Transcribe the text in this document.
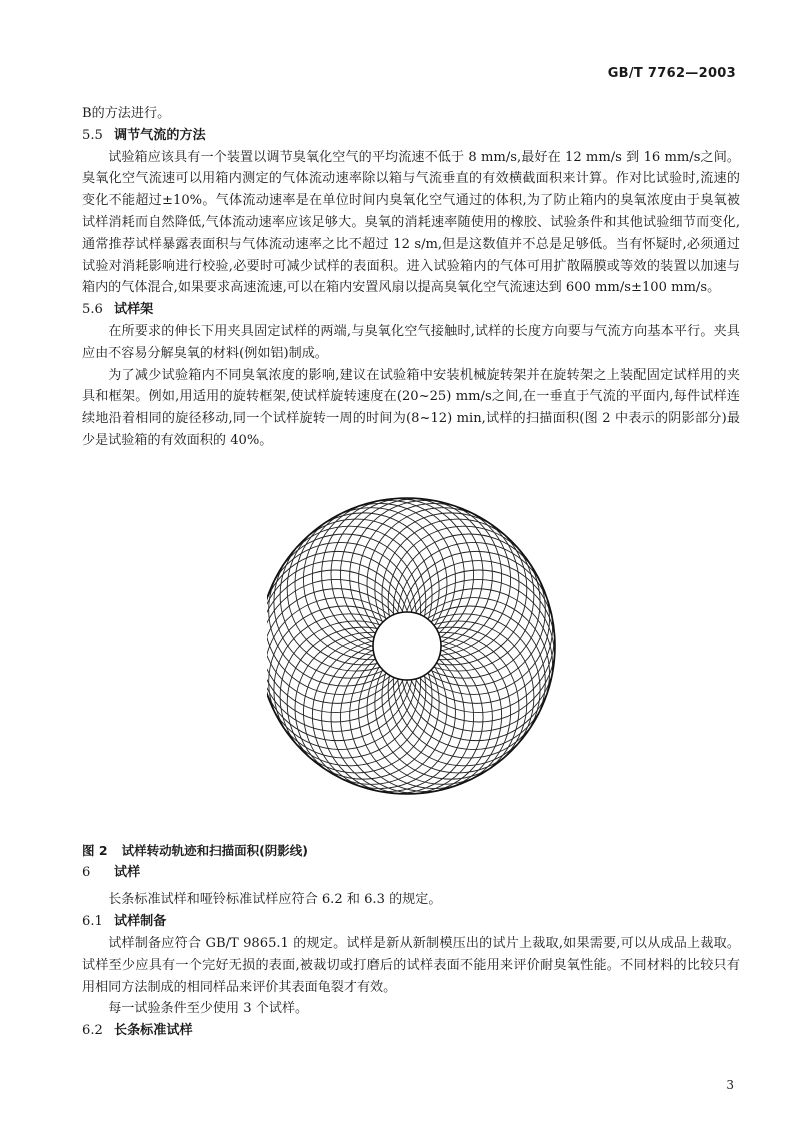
GB/T 7762—2003

B的方法进行。

5.5 调节气流的方法

试验箱应该具有一个装置以调节臭氧化空气的平均流速不低于 8 mm/s,最好在 12 mm/s 到 16 mm/s之间。臭氧化空气流速可以用箱内测定的气体流动速率除以箱与气流垂直的有效横截面积来计算。作对比试验时,流速的变化不能超过±10%。气体流动速率是在单位时间内臭氧化空气通过的体积,为了防止箱内的臭氧浓度由于臭氧被试样消耗而自然降低,气体流动速率应该足够大。臭氧的消耗速率随使用的橡胶、试验条件和其他试验细节而变化,通常推荐试样暴露表面积与气体流动速率之比不超过 12 s/m,但是这数值并不总是足够低。当有怀疑时,必须通过试验对消耗影响进行校验,必要时可减少试样的表面积。进入试验箱内的气体可用扩散隔膜或等效的装置以加速与箱内的气体混合,如果要求高速流速,可以在箱内安置风扇以提高臭氧化空气流速达到 600 mm/s±100 mm/s。

5.6 试样架

在所要求的伸长下用夹具固定试样的两端,与臭氧化空气接触时,试样的长度方向要与气流方向基本平行。夹具应由不容易分解臭氧的材料(例如铝)制成。

为了减少试验箱内不同臭氧浓度的影响,建议在试验箱中安装机械旋转架并在旋转架之上装配固定试样用的夹具和框架。例如,用适用的旋转框架,使试样旋转速度在(20~25) mm/s之间,在一垂直于气流的平面内,每件试样连续地沿着相同的旋径移动,同一个试样旋转一周的时间为(8~12) min,试样的扫描面积(图 2 中表示的阴影部分)最少是试验箱的有效面积的 40%。

图 2 试样转动轨迹和扫描面积(阴影线)

6 试样

长条标准试样和哑铃标准试样应符合 6.2 和 6.3 的规定。

6.1 试样制备

试样制备应符合 GB/T 9865.1 的规定。试样是新从新制模压出的试片上裁取,如果需要,可以从成品上裁取。试样至少应具有一个完好无损的表面,被裁切或打磨后的试样表面不能用来评价耐臭氧性能。不同材料的比较只有用相同方法制成的相同样品来评价其表面龟裂才有效。

每一试验条件至少使用 3 个试样。

6.2 长条标准试样

3
